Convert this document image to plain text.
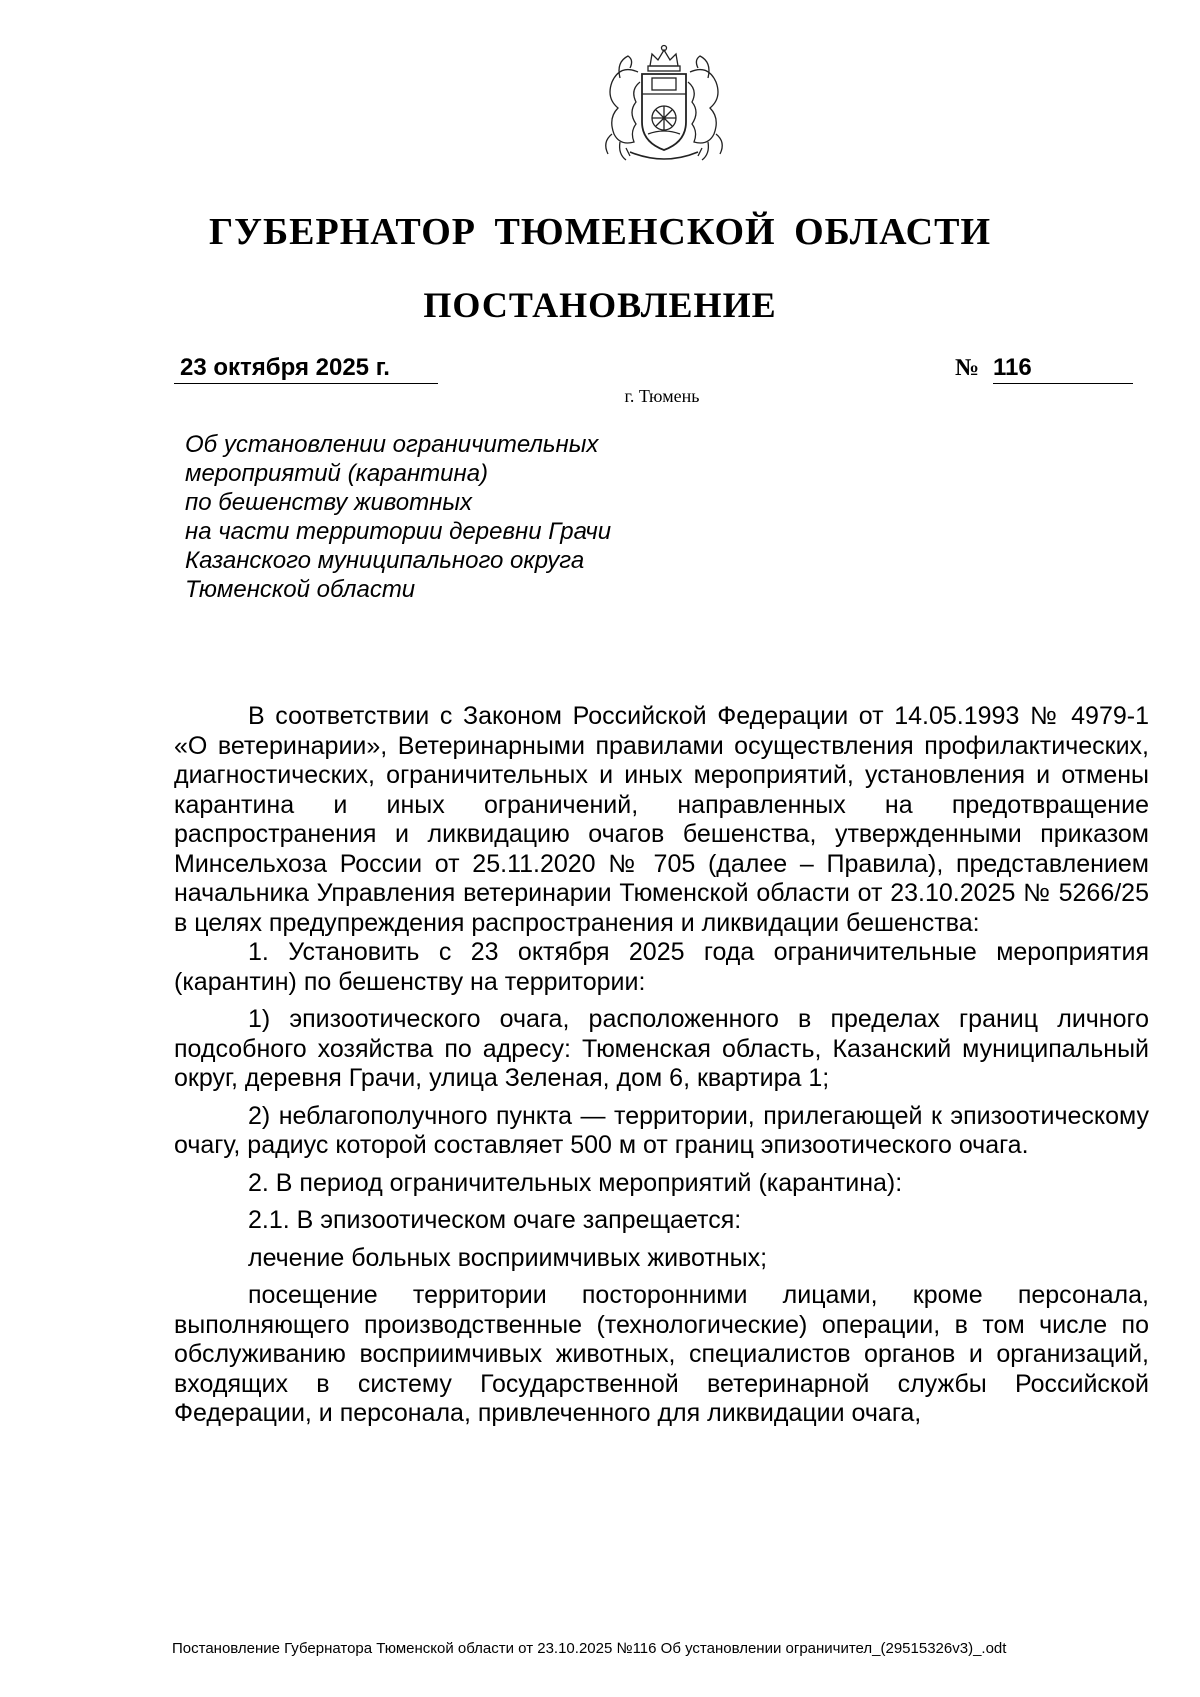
ГУБЕРНАТОР ТЮМЕНСКОЙ ОБЛАСТИ
ПОСТАНОВЛЕНИЕ
23 октября 2025 г.	№ 116
г. Тюмень
Об установлении ограничительных
мероприятий (карантина)
по бешенству животных
на части территории деревни Грачи
Казанского муниципального округа
Тюменской области

В соответствии с Законом Российской Федерации от 14.05.1993 № 4979-1 «О ветеринарии», Ветеринарными правилами осуществления профилактических, диагностических, ограничительных и иных мероприятий, установления и отмены карантина и иных ограничений, направленных на предотвращение распространения и ликвидацию очагов бешенства, утвержденными приказом Минсельхоза России от 25.11.2020 № 705 (далее – Правила), представлением начальника Управления ветеринарии Тюменской области от 23.10.2025 № 5266/25 в целях предупреждения распространения и ликвидации бешенства:

1. Установить с 23 октября 2025 года ограничительные мероприятия (карантин) по бешенству на территории:

1) эпизоотического очага, расположенного в пределах границ личного подсобного хозяйства по адресу: Тюменская область, Казанский муниципальный округ, деревня Грачи, улица Зеленая, дом 6, квартира 1;

2) неблагополучного пункта — территории, прилегающей к эпизоотическому очагу, радиус которой составляет 500 м от границ эпизоотического очага.

2. В период ограничительных мероприятий (карантина):

2.1. В эпизоотическом очаге запрещается:

лечение больных восприимчивых животных;

посещение территории посторонними лицами, кроме персонала, выполняющего производственные (технологические) операции, в том числе по обслуживанию восприимчивых животных, специалистов органов и организаций, входящих в систему Государственной ветеринарной службы Российской Федерации, и персонала, привлеченного для ликвидации очага,

Постановление Губернатора Тюменской области от 23.10.2025 №116 Об установлении ограничител_(29515326v3)_.odt
